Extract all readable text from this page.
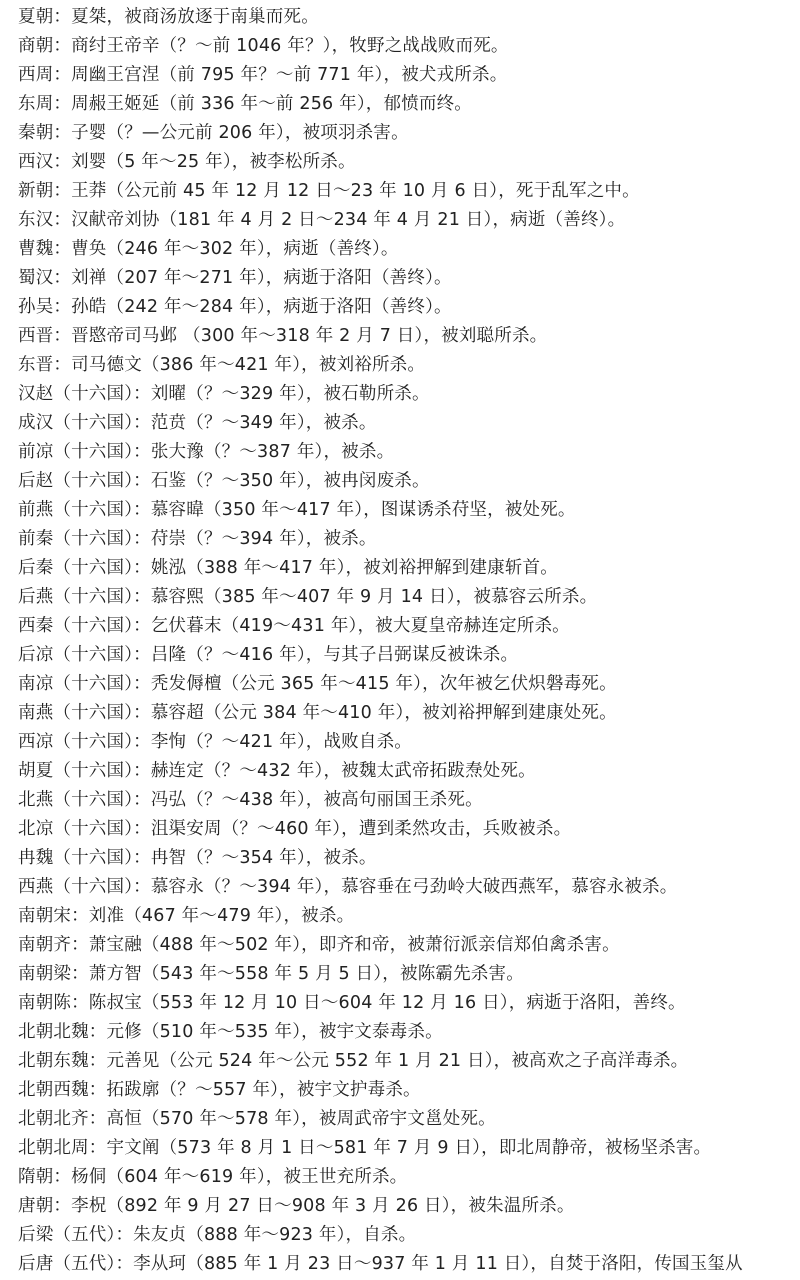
夏朝：夏桀，被商汤放逐于南巢而死。
商朝：商纣王帝辛（？～前 1046 年？），牧野之战战败而死。
西周：周幽王宫涅（前 795 年？～前 771 年），被犬戎所杀。
东周：周赧王姬延（前 336 年～前 256 年），郁愤而终。
秦朝：子婴（？—公元前 206 年），被项羽杀害。
西汉：刘婴（5 年～25 年），被李松所杀。
新朝：王莽（公元前 45 年 12 月 12 日～23 年 10 月 6 日），死于乱军之中。
东汉：汉献帝刘协（181 年 4 月 2 日～234 年 4 月 21 日），病逝（善终）。
曹魏：曹奂（246 年～302 年），病逝（善终）。
蜀汉：刘禅（207 年～271 年），病逝于洛阳（善终）。
孙吴：孙皓（242 年～284 年），病逝于洛阳（善终）。
西晋：晋愍帝司马邺 （300 年～318 年 2 月 7 日），被刘聪所杀。
东晋：司马德文（386 年～421 年），被刘裕所杀。
汉赵（十六国）：刘曜（？～329 年），被石勒所杀。
成汉（十六国）：范贲（？～349 年），被杀。
前凉（十六国）：张大豫（？～387 年），被杀。
后赵（十六国）：石鉴（？～350 年），被冉闵废杀。
前燕（十六国）：慕容暐（350 年～417 年），图谋诱杀苻坚，被处死。
前秦（十六国）：苻崇（？～394 年），被杀。
后秦（十六国）：姚泓（388 年～417 年），被刘裕押解到建康斩首。
后燕（十六国）：慕容熙（385 年～407 年 9 月 14 日），被慕容云所杀。
西秦（十六国）：乞伏暮末（419～431 年），被大夏皇帝赫连定所杀。
后凉（十六国）：吕隆（？～416 年），与其子吕弼谋反被诛杀。
南凉（十六国）：秃发傉檀（公元 365 年～415 年），次年被乞伏炽磐毒死。
南燕（十六国）：慕容超（公元 384 年～410 年），被刘裕押解到建康处死。
西凉（十六国）：李恂（？～421 年），战败自杀。
胡夏（十六国）：赫连定（？～432 年），被魏太武帝拓跋焘处死。
北燕（十六国）：冯弘（？～438 年），被高句丽国王杀死。
北凉（十六国）：沮渠安周（？～460 年），遭到柔然攻击，兵败被杀。
冉魏（十六国）：冉智（？～354 年），被杀。
西燕（十六国）：慕容永（？～394 年），慕容垂在弓劲岭大破西燕军，慕容永被杀。
南朝宋：刘准（467 年～479 年），被杀。
南朝齐：萧宝融（488 年～502 年），即齐和帝，被萧衍派亲信郑伯禽杀害。
南朝梁：萧方智（543 年～558 年 5 月 5 日），被陈霸先杀害。
南朝陈：陈叔宝（553 年 12 月 10 日～604 年 12 月 16 日），病逝于洛阳，善终。
北朝北魏：元修（510 年～535 年），被宇文泰毒杀。
北朝东魏：元善见（公元 524 年～公元 552 年 1 月 21 日），被高欢之子高洋毒杀。
北朝西魏：拓跋廓（？～557 年），被宇文护毒杀。
北朝北齐：高恒（570 年～578 年），被周武帝宇文邕处死。
北朝北周：宇文阐（573 年 8 月 1 日～581 年 7 月 9 日），即北周静帝，被杨坚杀害。
隋朝：杨侗（604 年～619 年），被王世充所杀。
唐朝：李柷（892 年 9 月 27 日～908 年 3 月 26 日），被朱温所杀。
后梁（五代）：朱友贞（888 年～923 年），自杀。
后唐（五代）：李从珂（885 年 1 月 23 日～937 年 1 月 11 日），自焚于洛阳，传国玉玺从
